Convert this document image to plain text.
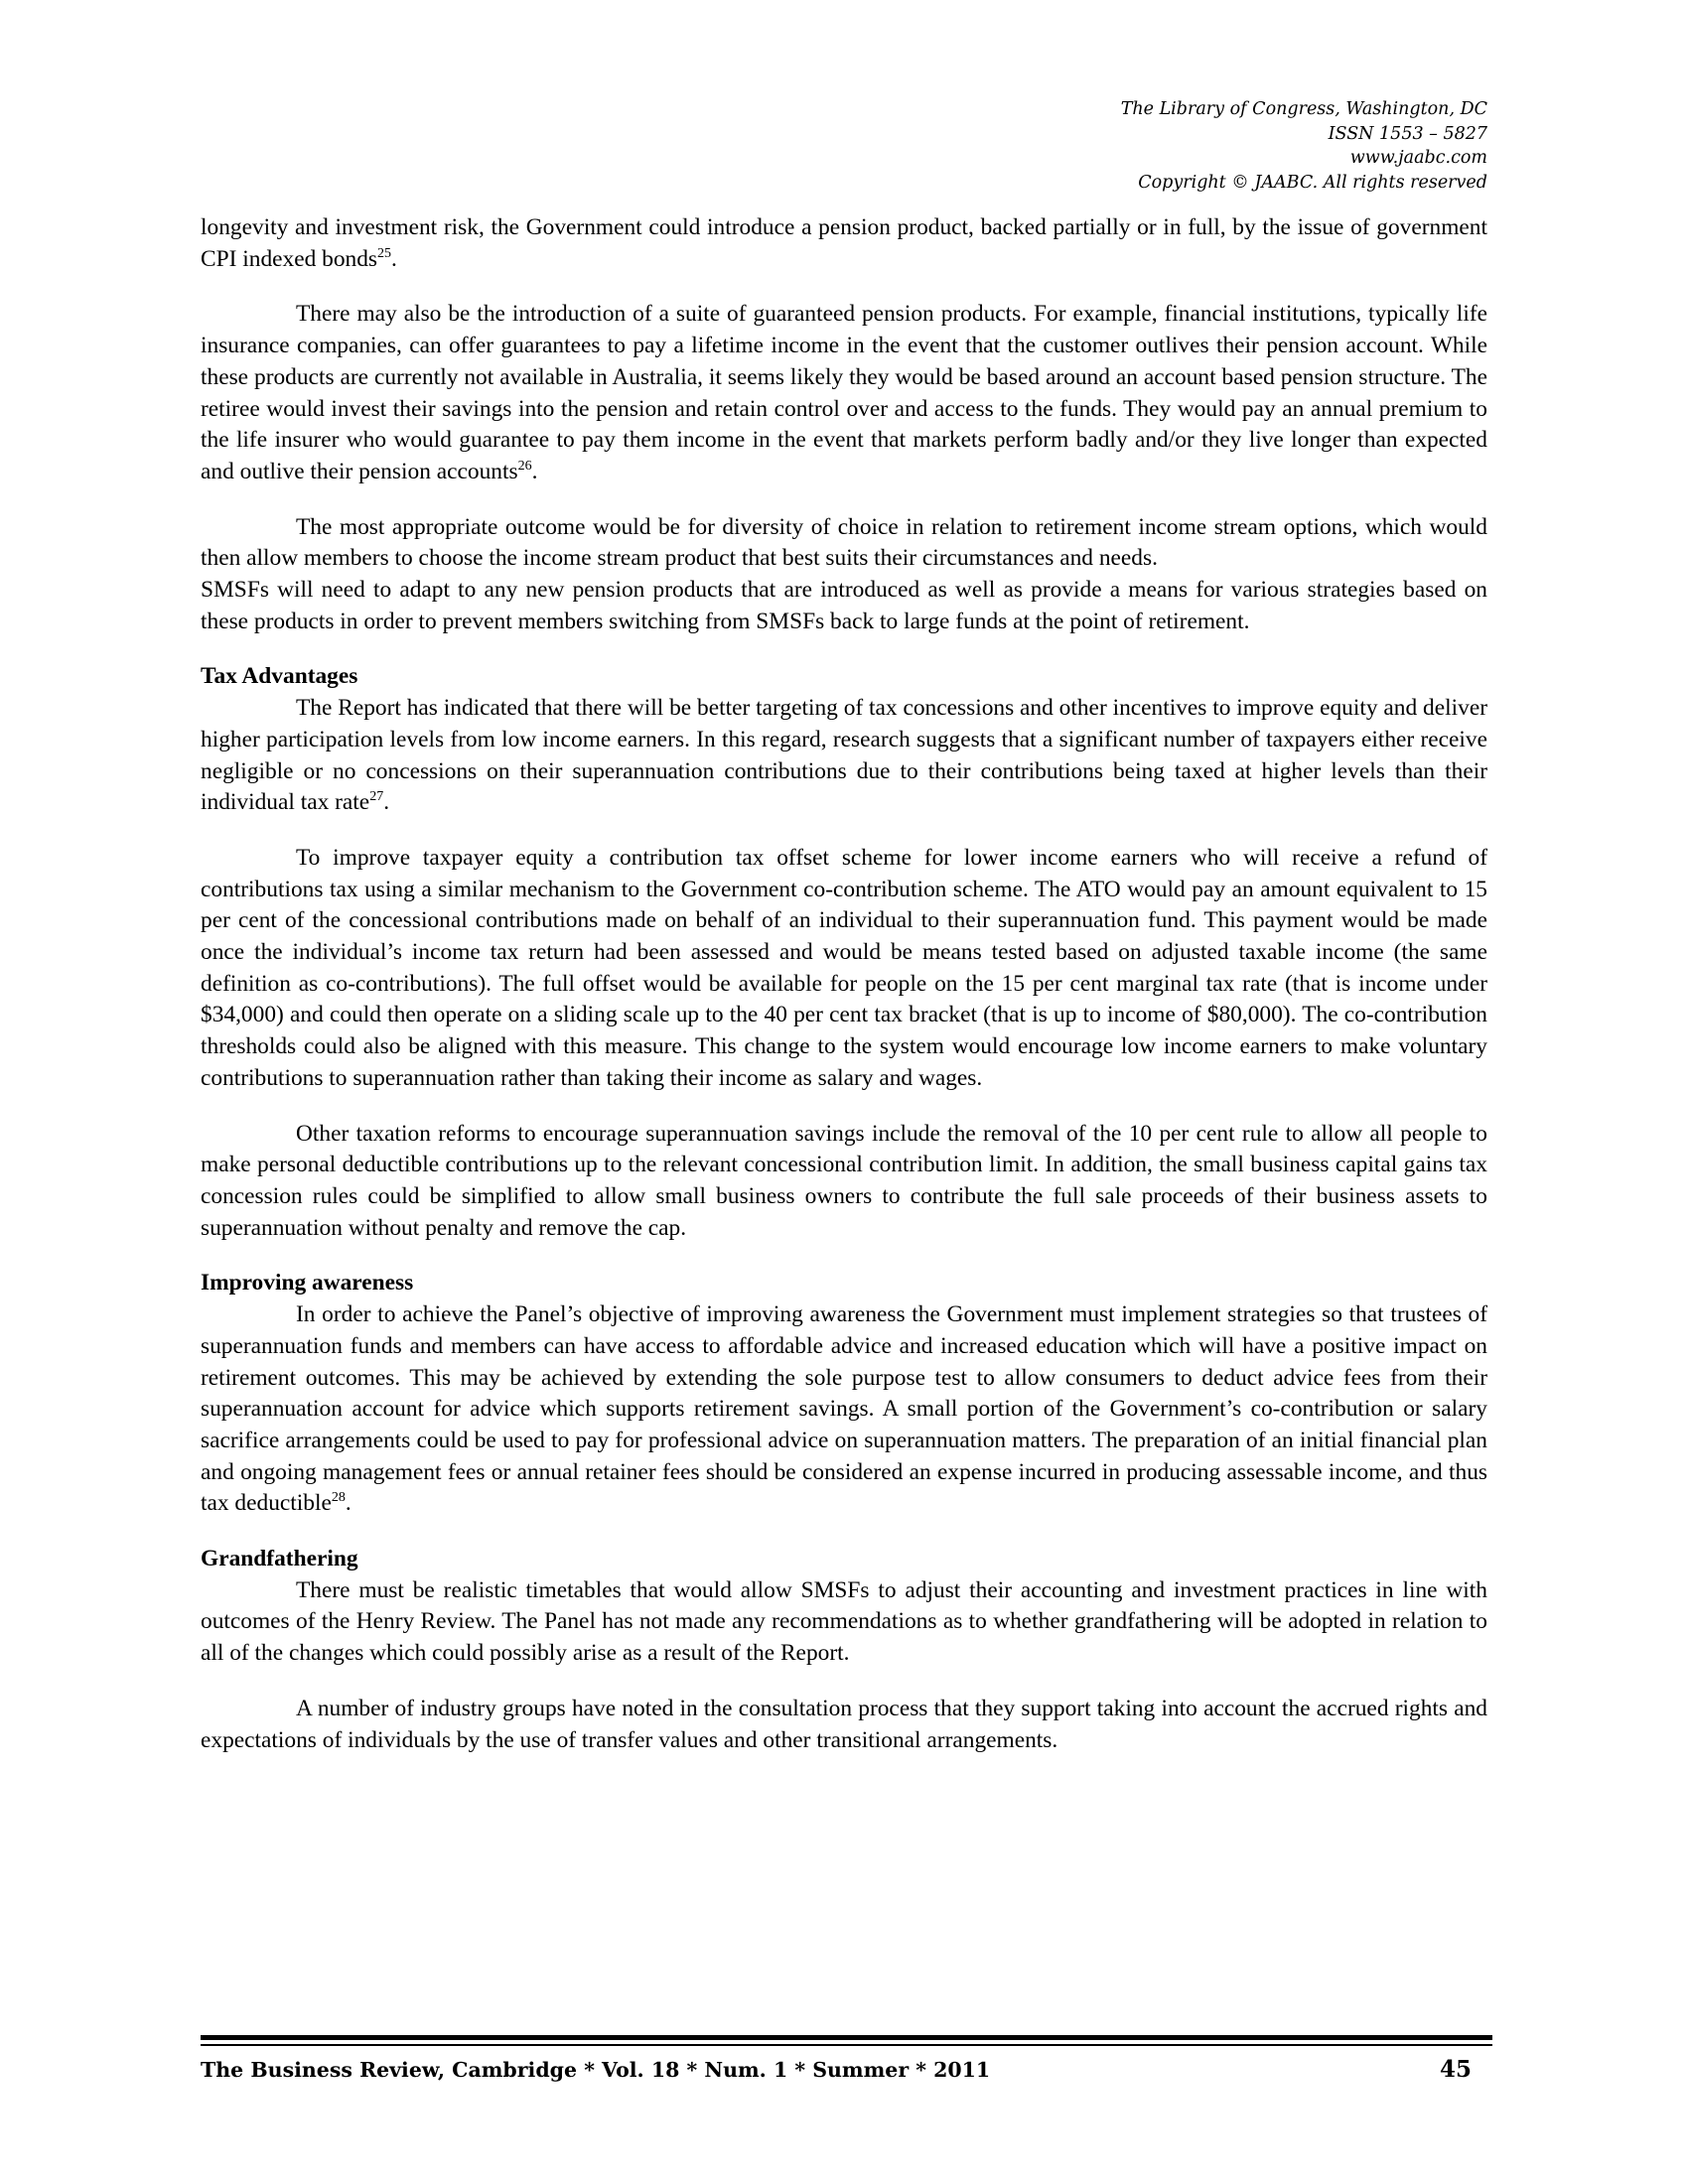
The Library of Congress, Washington, DC
ISSN 1553 – 5827
www.jaabc.com
Copyright © JAABC. All rights reserved

longevity and investment risk, the Government could introduce a pension product, backed partially or in full, by the issue of government CPI indexed bonds$^{25}$.

There may also be the introduction of a suite of guaranteed pension products. For example, financial institutions, typically life insurance companies, can offer guarantees to pay a lifetime income in the event that the customer outlives their pension account. While these products are currently not available in Australia, it seems likely they would be based around an account based pension structure. The retiree would invest their savings into the pension and retain control over and access to the funds. They would pay an annual premium to the life insurer who would guarantee to pay them income in the event that markets perform badly and/or they live longer than expected and outlive their pension accounts$^{26}$.

The most appropriate outcome would be for diversity of choice in relation to retirement income stream options, which would then allow members to choose the income stream product that best suits their circumstances and needs.

SMSFs will need to adapt to any new pension products that are introduced as well as provide a means for various strategies based on these products in order to prevent members switching from SMSFs back to large funds at the point of retirement.

Tax Advantages

The Report has indicated that there will be better targeting of tax concessions and other incentives to improve equity and deliver higher participation levels from low income earners. In this regard, research suggests that a significant number of taxpayers either receive negligible or no concessions on their superannuation contributions due to their contributions being taxed at higher levels than their individual tax rate$^{27}$.

To improve taxpayer equity a contribution tax offset scheme for lower income earners who will receive a refund of contributions tax using a similar mechanism to the Government co-contribution scheme. The ATO would pay an amount equivalent to 15 per cent of the concessional contributions made on behalf of an individual to their superannuation fund. This payment would be made once the individual’s income tax return had been assessed and would be means tested based on adjusted taxable income (the same definition as co-contributions). The full offset would be available for people on the 15 per cent marginal tax rate (that is income under $34,000) and could then operate on a sliding scale up to the 40 per cent tax bracket (that is up to income of $80,000). The co-contribution thresholds could also be aligned with this measure. This change to the system would encourage low income earners to make voluntary contributions to superannuation rather than taking their income as salary and wages.

Other taxation reforms to encourage superannuation savings include the removal of the 10 per cent rule to allow all people to make personal deductible contributions up to the relevant concessional contribution limit. In addition, the small business capital gains tax concession rules could be simplified to allow small business owners to contribute the full sale proceeds of their business assets to superannuation without penalty and remove the cap.

Improving awareness

In order to achieve the Panel’s objective of improving awareness the Government must implement strategies so that trustees of superannuation funds and members can have access to affordable advice and increased education which will have a positive impact on retirement outcomes. This may be achieved by extending the sole purpose test to allow consumers to deduct advice fees from their superannuation account for advice which supports retirement savings. A small portion of the Government’s co-contribution or salary sacrifice arrangements could be used to pay for professional advice on superannuation matters. The preparation of an initial financial plan and ongoing management fees or annual retainer fees should be considered an expense incurred in producing assessable income, and thus tax deductible$^{28}$.

Grandfathering

There must be realistic timetables that would allow SMSFs to adjust their accounting and investment practices in line with outcomes of the Henry Review. The Panel has not made any recommendations as to whether grandfathering will be adopted in relation to all of the changes which could possibly arise as a result of the Report.

A number of industry groups have noted in the consultation process that they support taking into account the accrued rights and expectations of individuals by the use of transfer values and other transitional arrangements.

The Business Review, Cambridge * Vol. 18 * Num. 1 * Summer * 2011	45
